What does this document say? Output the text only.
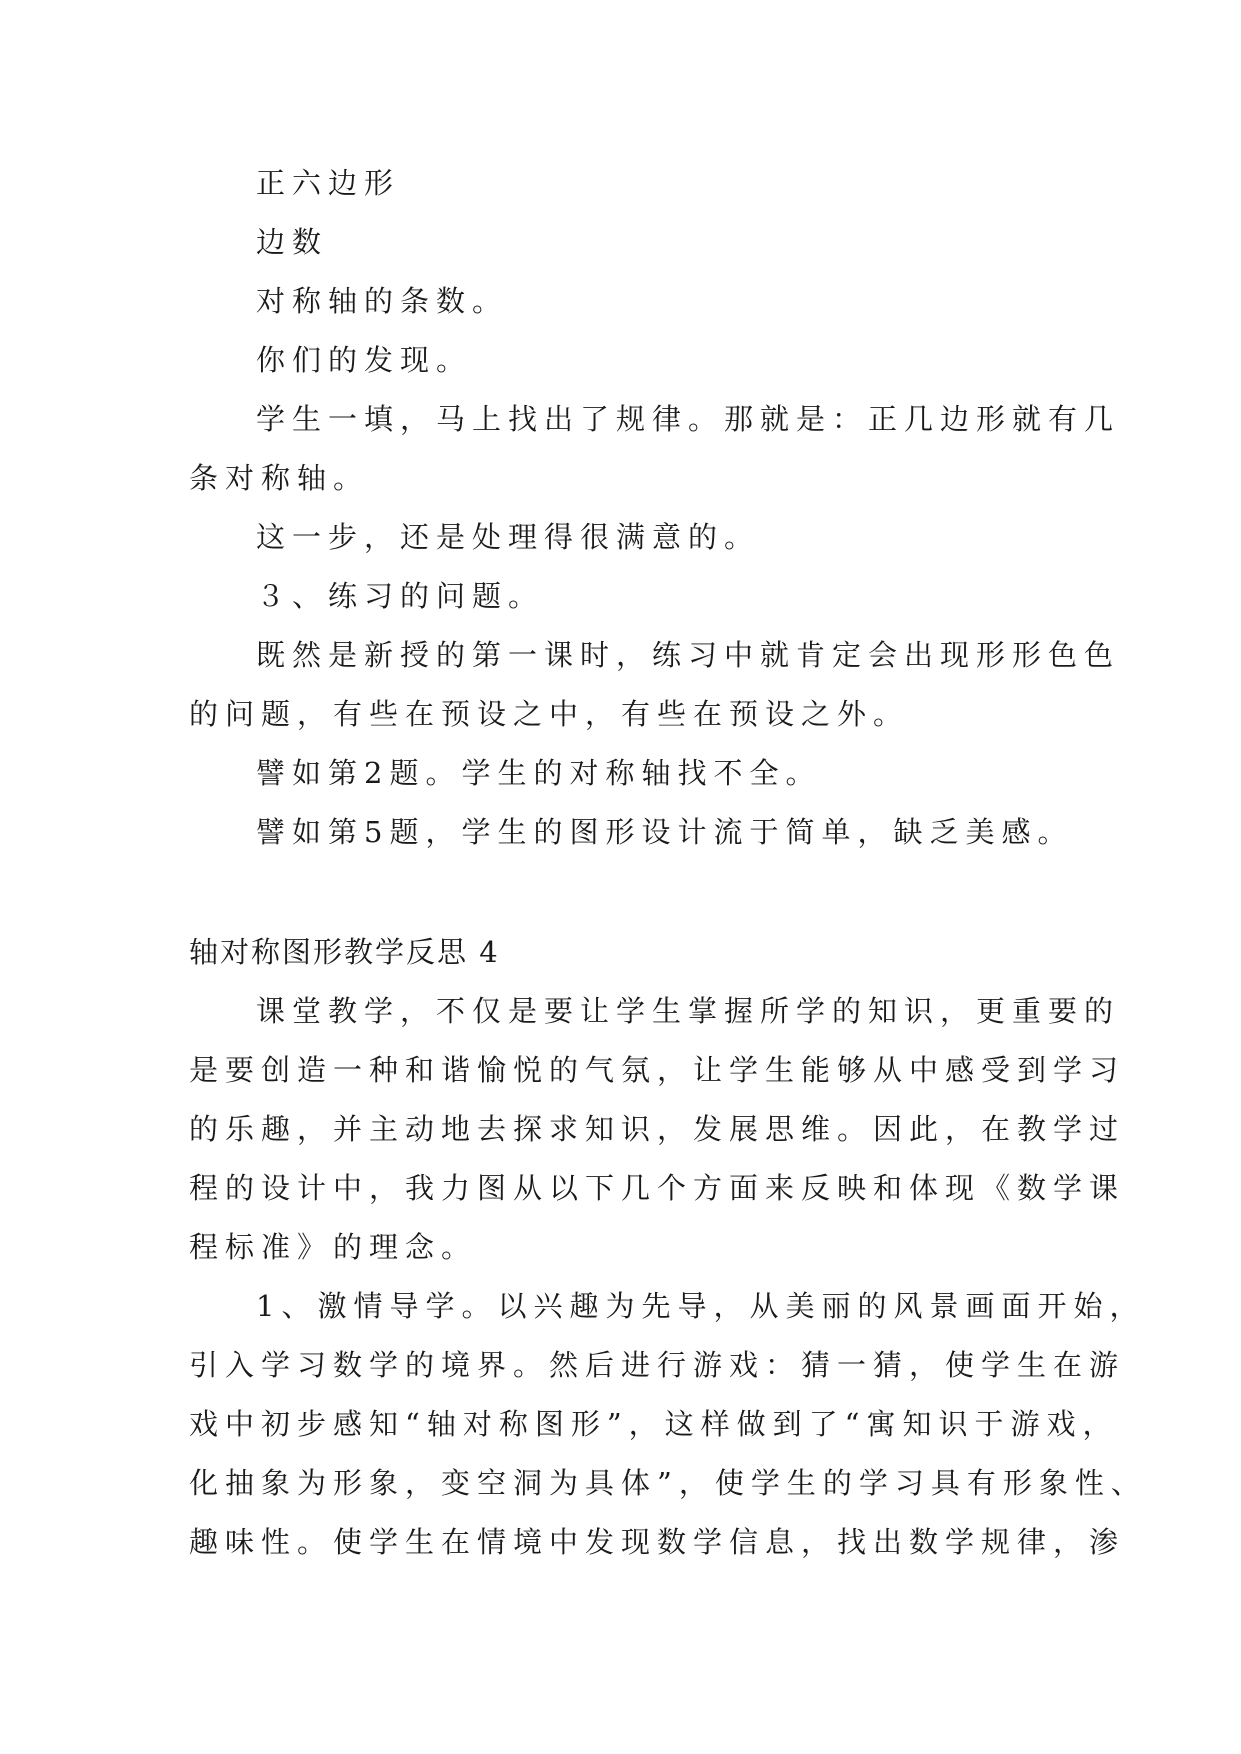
正六边形
边数
对称轴的条数。
你们的发现。
学生一填，马上找出了规律。那就是：正几边形就有几
条对称轴。
这一步，还是处理得很满意的。
３、练习的问题。
既然是新授的第一课时，练习中就肯定会出现形形色色
的问题，有些在预设之中，有些在预设之外。
譬如第2题。学生的对称轴找不全。
譬如第5题，学生的图形设计流于简单，缺乏美感。
轴对称图形教学反思 4
课堂教学，不仅是要让学生掌握所学的知识，更重要的
是要创造一种和谐愉悦的气氛，让学生能够从中感受到学习
的乐趣，并主动地去探求知识，发展思维。因此，在教学过
程的设计中，我力图从以下几个方面来反映和体现《数学课
程标准》的理念。
1、激情导学。以兴趣为先导，从美丽的风景画面开始，
引入学习数学的境界。然后进行游戏：猜一猜，使学生在游
戏中初步感知“轴对称图形”，这样做到了“寓知识于游戏，
化抽象为形象，变空洞为具体”，使学生的学习具有形象性、
趣味性。使学生在情境中发现数学信息，找出数学规律，渗
